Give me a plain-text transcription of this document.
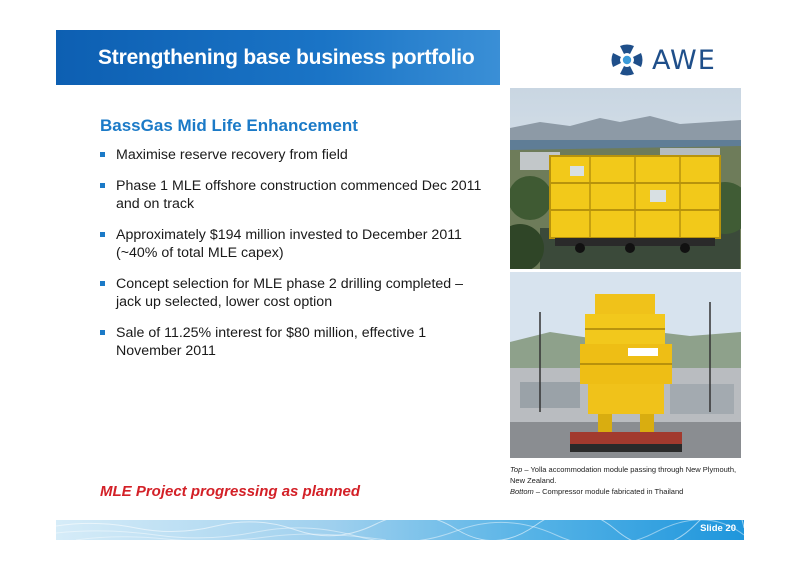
Strengthening base business portfolio	AWE
BassGas Mid Life Enhancement
Maximise reserve recovery from field
Phase 1 MLE offshore construction commenced Dec 2011 and on track
Approximately $194 million invested to December 2011 (~40% of total MLE capex)
Concept selection for MLE phase 2 drilling completed – jack up selected, lower cost option
Sale of 11.25% interest for $80 million, effective 1 November 2011
MLE Project progressing as planned
Top – Yolla accommodation module passing through New Plymouth, New Zealand.
Bottom – Compressor module fabricated in Thailand
Slide 20
